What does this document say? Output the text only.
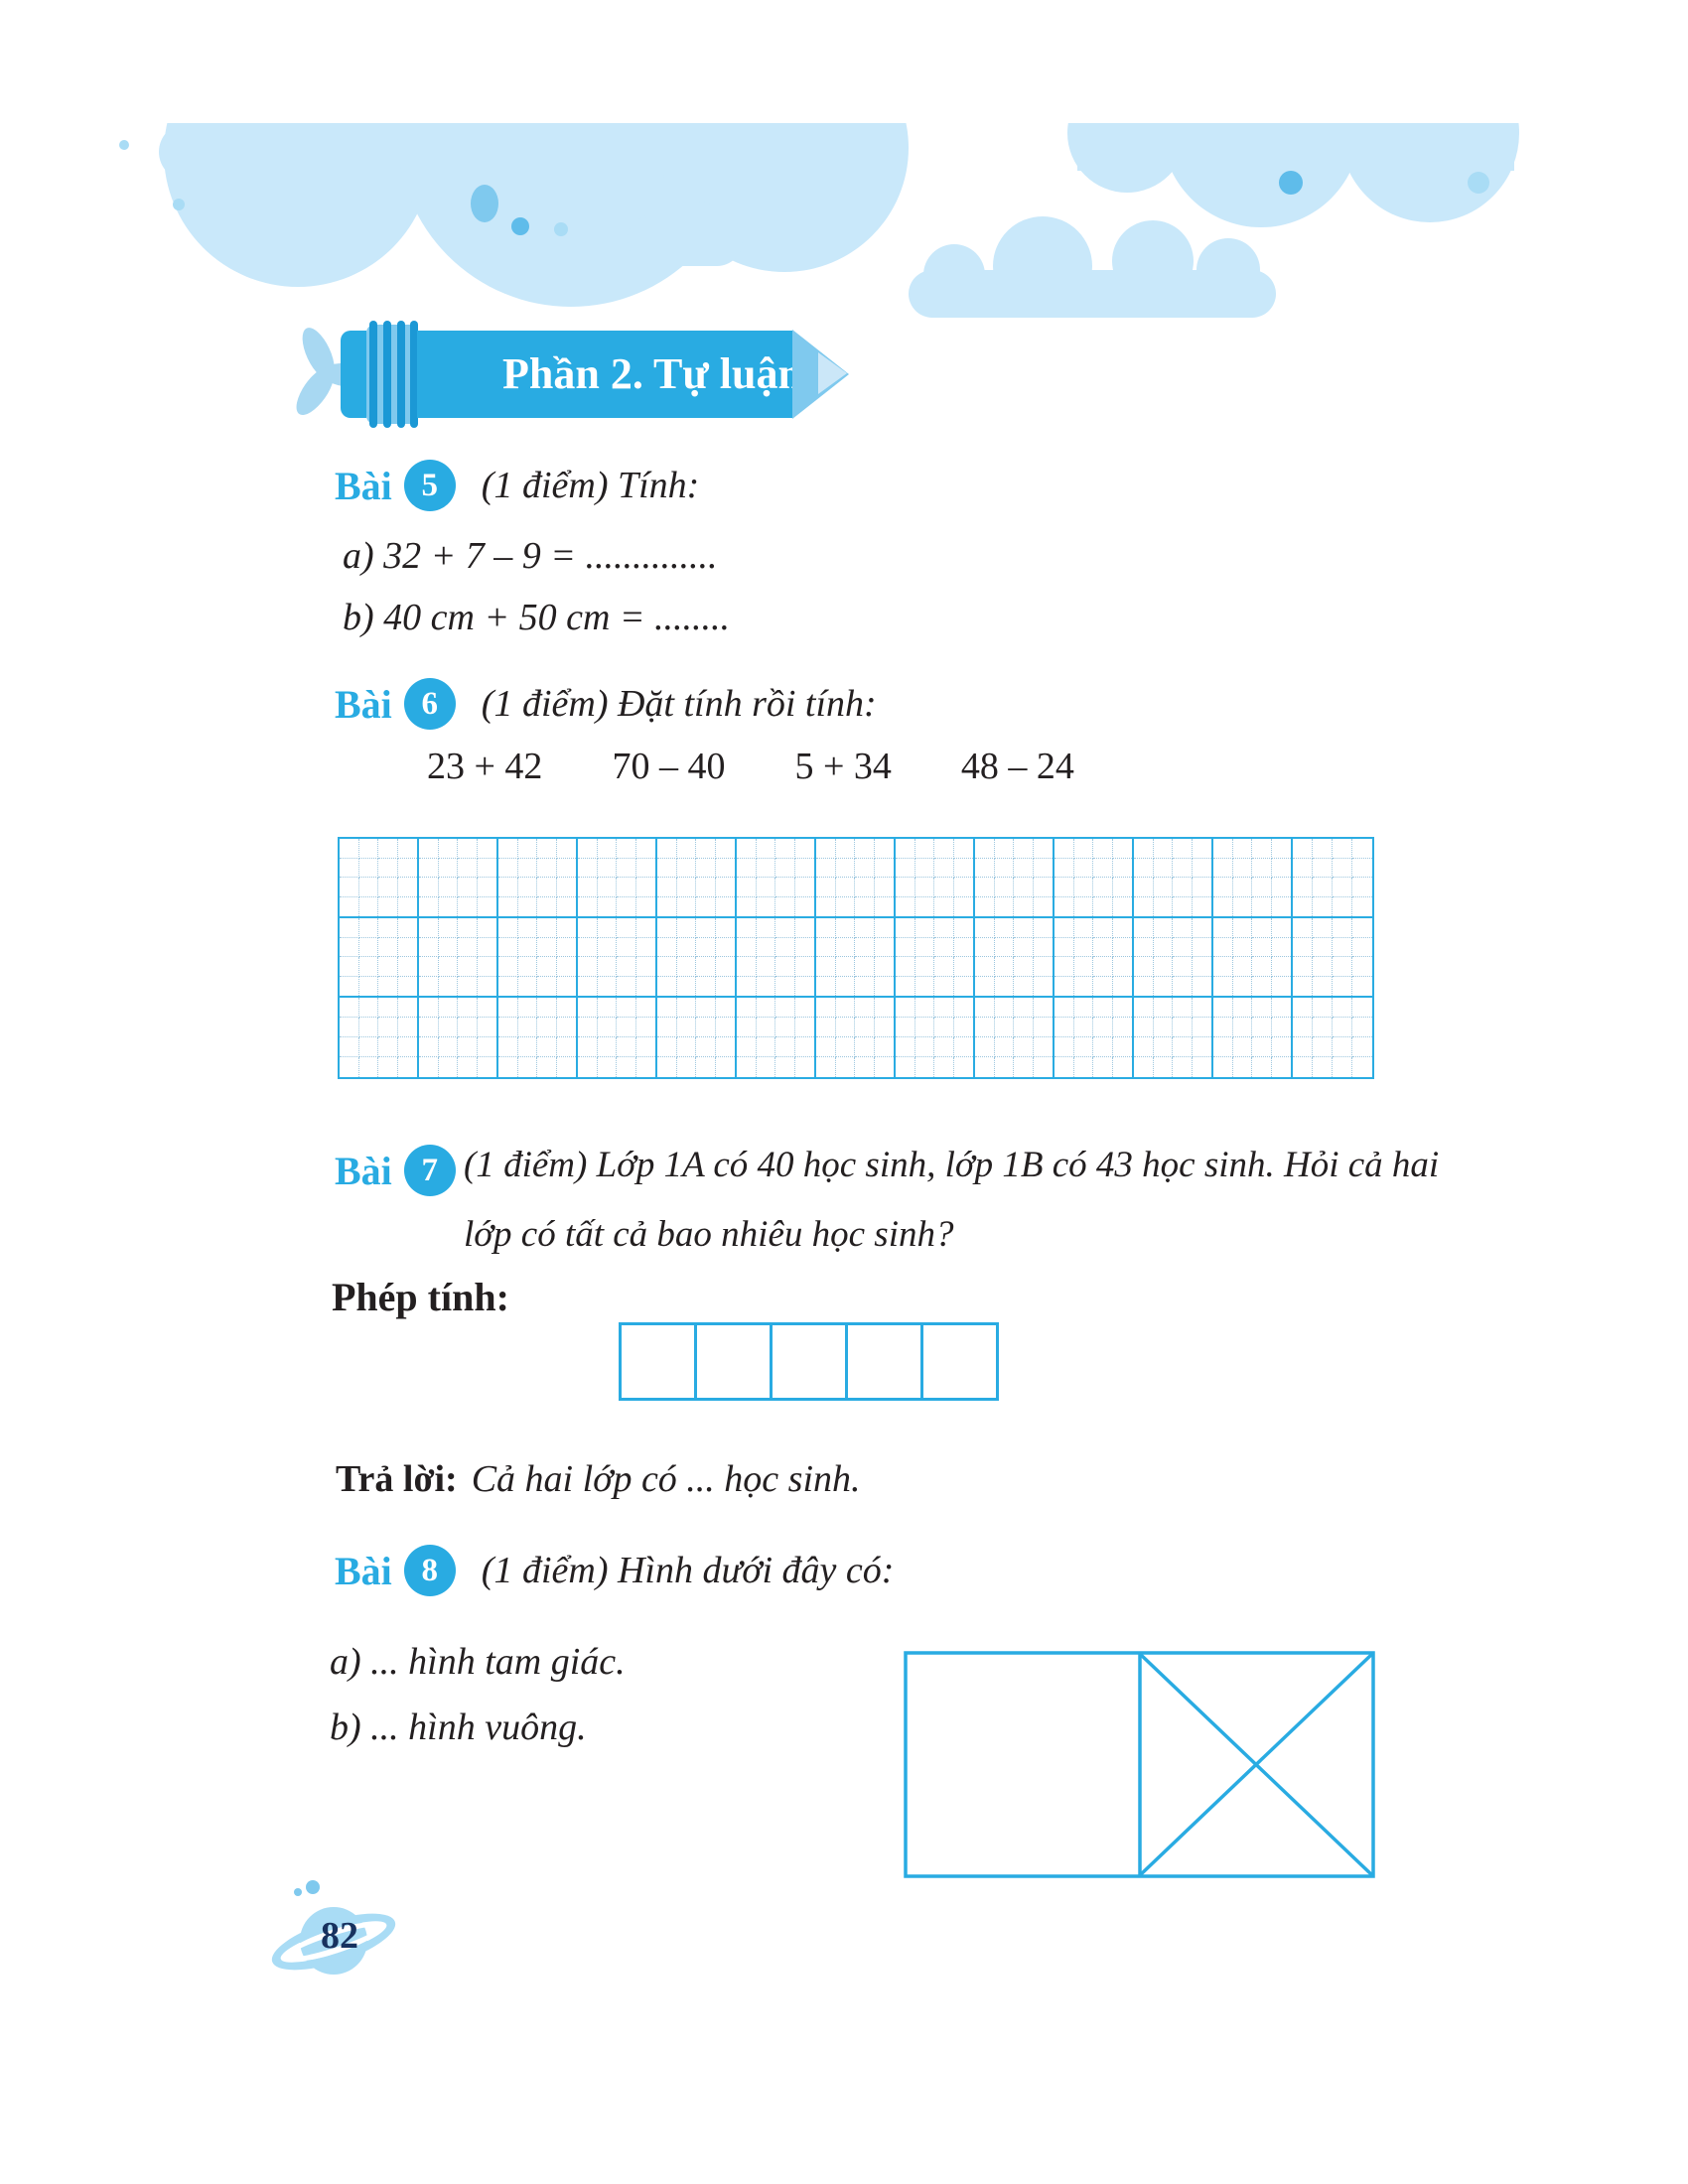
Phần 2. Tự luận:
Bài 5	(1 điểm) Tính:
a) 32 + 7 – 9 = ..............
b) 40 cm + 50 cm = ........
Bài 6	(1 điểm) Đặt tính rồi tính:
23 + 42 70 – 40 5 + 34 48 – 24
Bài 7 (1 điểm) Lớp 1A có 40 học sinh, lớp 1B có 43 học sinh. Hỏi cả hai
lớp có tất cả bao nhiêu học sinh?
Phép tính:
Trả lời: Cả hai lớp có ... học sinh.
Bài 8	(1 điểm) Hình dưới đây có:
a) ... hình tam giác.
b) ... hình vuông.
82
